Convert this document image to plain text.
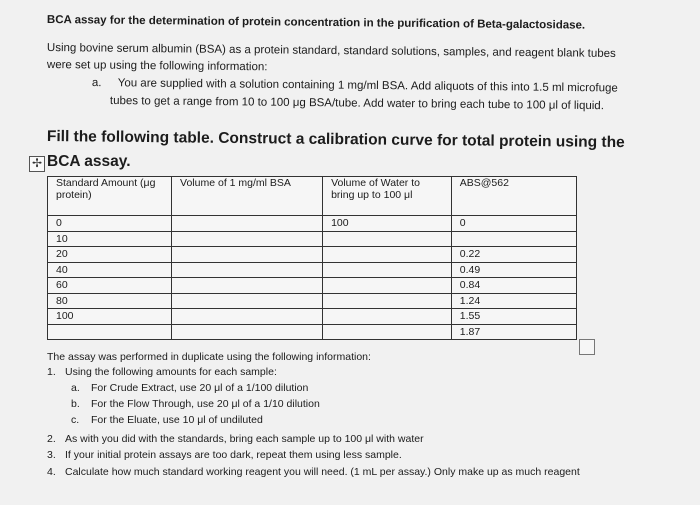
BCA assay for the determination of protein concentration in the purification of Beta-galactosidase.
Using bovine serum albumin (BSA) as a protein standard, standard solutions, samples, and reagent blank tubes
were set up using the following information:
a. You are supplied with a solution containing 1 mg/ml BSA. Add aliquots of this into 1.5 ml microfuge
tubes to get a range from 10 to 100 μg BSA/tube. Add water to bring each tube to 100 μl of liquid.
Fill the following table. Construct a calibration curve for total protein using the
✢ BCA assay.
Standard Amount (μg protein)	Volume of 1 mg/ml BSA	Volume of Water to bring up to 100 μl	ABS@562
0		100	0
10			
20			0.22
40			0.49
60			0.84
80			1.24
100			1.55
			1.87
The assay was performed in duplicate using the following information:
1. Using the following amounts for each sample:
a. For Crude Extract, use 20 μl of a 1/100 dilution
b. For the Flow Through, use 20 μl of a 1/10 dilution
c. For the Eluate, use 10 μl of undiluted
2. As with you did with the standards, bring each sample up to 100 μl with water
3. If your initial protein assays are too dark, repeat them using less sample.
4. Calculate how much standard working reagent you will need. (1 mL per assay.) Only make up as much reagent
